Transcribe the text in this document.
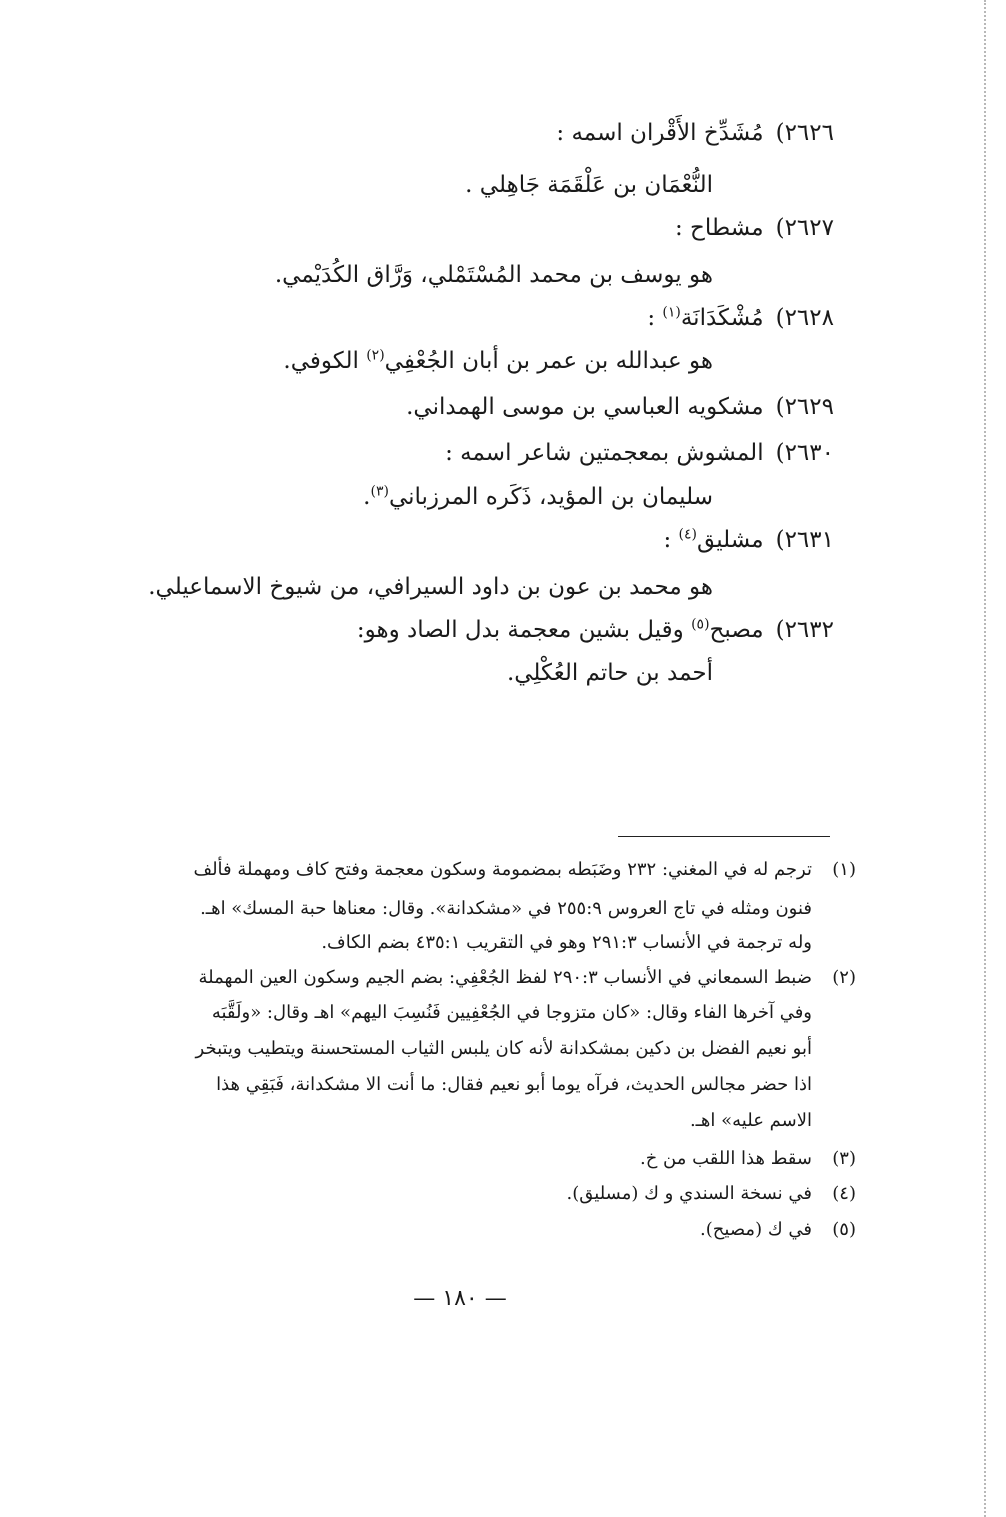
٢٦٢٦)مُشَدِّخ الأَقْران اسمه :
النُّعْمَان بن عَلْقَمَة جَاهِلي .
٢٦٢٧)مشطاح :
هو يوسف بن محمد المُسْتَمْلي، وَرَّاق الكُدَيْمي.
٢٦٢٨)مُشْكَدَانَة$^{(١)}$ :
هو عبدالله بن عمر بن أبان الجُعْفِي$^{(٢)}$ الكوفي.
٢٦٢٩)مشكويه العباسي بن موسى الهمداني.
٢٦٣٠)المشوش بمعجمتين شاعر اسمه :
سليمان بن المؤيد، ذَكَره المرزباني$^{(٣)}$.
٢٦٣١)مشليق$^{(٤)}$ :
هو محمد بن عون بن داود السيرافي، من شيوخ الاسماعيلي.
٢٦٣٢)مصبح$^{(٥)}$ وقيل بشين معجمة بدل الصاد وهو:
أحمد بن حاتم العُكْلِي.
(١)ترجم له في المغني: ٢٣٢ وضَبَطه بمضمومة وسكون معجمة وفتح كاف ومهملة فألف
فنون ومثله في تاج العروس ٢٥٥:٩ في «مشكدانة». وقال: معناها حبة المسك» اهـ.
وله ترجمة في الأنساب ٢٩١:٣ وهو في التقريب ٤٣٥:١ بضم الكاف.
(٢)ضبط السمعاني في الأنساب ٢٩٠:٣ لفظ الجُعْفِي: بضم الجيم وسكون العين المهملة
وفي آخرها الفاء وقال: «كان متزوجا في الجُعْفِيين فَنُسِبَ اليهم» اهـ وقال: «ولَقَّبَه
أبو نعيم الفضل بن دكين بمشكدانة لأنه كان يلبس الثياب المستحسنة ويتطيب ويتبخر
اذا حضر مجالس الحديث، فرآه يوما أبو نعيم فقال: ما أنت الا مشكدانة، فَبَقِي هذا
الاسم عليه» اهـ.
(٣)سقط هذا اللقب من خ.
(٤)في نسخة السندي و ك (مسليق).
(٥)في ك (مصيح).
— ١٨٠ —
